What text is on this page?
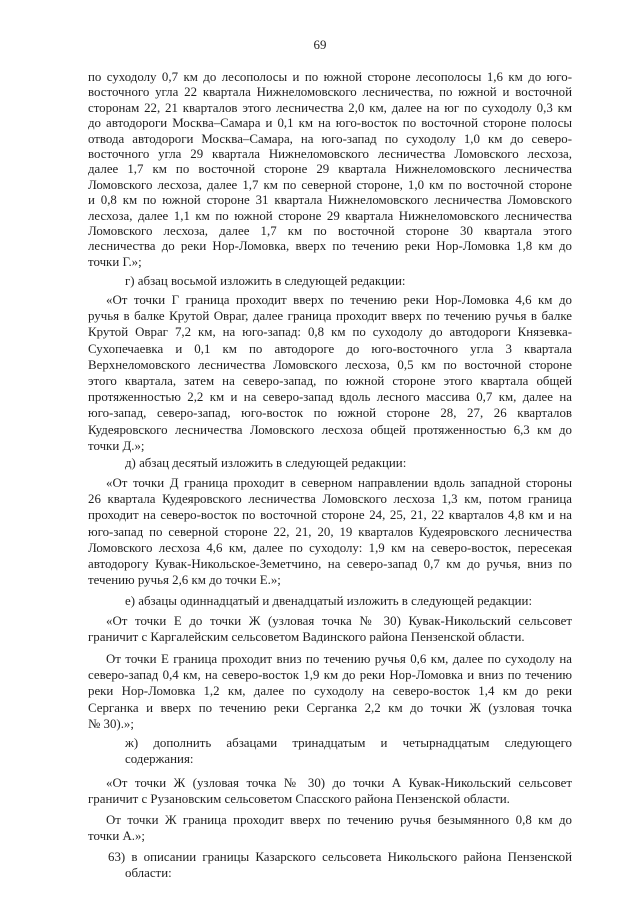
69
по суходолу 0,7 км до лесополосы и по южной стороне лесополосы 1,6 км до юго-
восточного угла 22 квартала Нижнеломовского лесничества, по южной и восточной
сторонам 22, 21 кварталов этого лесничества 2,0 км, далее на юг по суходолу 0,3 км
до автодороги Москва–Самара и 0,1 км на юго-восток по восточной стороне полосы
отвода автодороги Москва–Самара, на юго-запад по суходолу 1,0 км до северо-
восточного угла 29 квартала Нижнеломовского лесничества Ломовского лесхоза,
далее 1,7 км по восточной стороне 29 квартала Нижнеломовского лесничества
Ломовского лесхоза, далее 1,7 км по северной стороне, 1,0 км по восточной стороне
и 0,8 км по южной стороне 31 квартала Нижнеломовского лесничества Ломовского
лесхоза, далее 1,1 км по южной стороне 29 квартала Нижнеломовского лесничества
Ломовского лесхоза, далее 1,7 км по восточной стороне 30 квартала этого
лесничества до реки Нор-Ломовка, вверх по течению реки Нор-Ломовка 1,8 км до
точки Г.»;
г) абзац восьмой изложить в следующей редакции:
«От точки Г граница проходит вверх по течению реки Нор-Ломовка 4,6 км до
ручья в балке Крутой Овраг, далее граница проходит вверх по течению ручья в балке
Крутой Овраг 7,2 км, на юго-запад: 0,8 км по суходолу до автодороги Князевка-
Сухопечаевка и 0,1 км по автодороге до юго-восточного угла 3 квартала
Верхнеломовского лесничества Ломовского лесхоза, 0,5 км по восточной стороне
этого квартала, затем на северо-запад, по южной стороне этого квартала общей
протяженностью 2,2 км и на северо-запад вдоль лесного массива 0,7 км, далее на
юго-запад, северо-запад, юго-восток по южной стороне 28, 27, 26 кварталов
Кудеяровского лесничества Ломовского лесхоза общей протяженностью 6,3 км до
точки Д.»;
д) абзац десятый изложить в следующей редакции:
«От точки Д граница проходит в северном направлении вдоль западной стороны
26 квартала Кудеяровского лесничества Ломовского лесхоза 1,3 км, потом граница
проходит на северо-восток по восточной стороне 24, 25, 21, 22 кварталов 4,8 км и на
юго-запад по северной стороне 22, 21, 20, 19 кварталов Кудеяровского лесничества
Ломовского лесхоза 4,6 км, далее по суходолу: 1,9 км на северо-восток, пересекая
автодорогу Кувак-Никольское-Земетчино, на северо-запад 0,7 км до ручья, вниз по
течению ручья 2,6 км до точки Е.»;
е) абзацы одиннадцатый и двенадцатый изложить в следующей редакции:
«От точки Е до точки Ж (узловая точка № 30) Кувак-Никольский сельсовет
граничит с Каргалейским сельсоветом Вадинского района Пензенской области.
От точки Е граница проходит вниз по течению ручья 0,6 км, далее по суходолу на
северо-запад 0,4 км, на северо-восток 1,9 км до реки Нор-Ломовка и вниз по течению
реки Нор-Ломовка 1,2 км, далее по суходолу на северо-восток 1,4 км до реки
Серганка и вверх по течению реки Серганка 2,2 км до точки Ж (узловая точка
№ 30).»;
ж) дополнить абзацами тринадцатым и четырнадцатым следующего
содержания:
«От точки Ж (узловая точка № 30) до точки А Кувак-Никольский сельсовет
граничит с Рузановским сельсоветом Спасского района Пензенской области.
От точки Ж граница проходит вверх по течению ручья безымянного 0,8 км до
точки А.»;
63) в описании границы Казарского сельсовета Никольского района Пензенской
области:
